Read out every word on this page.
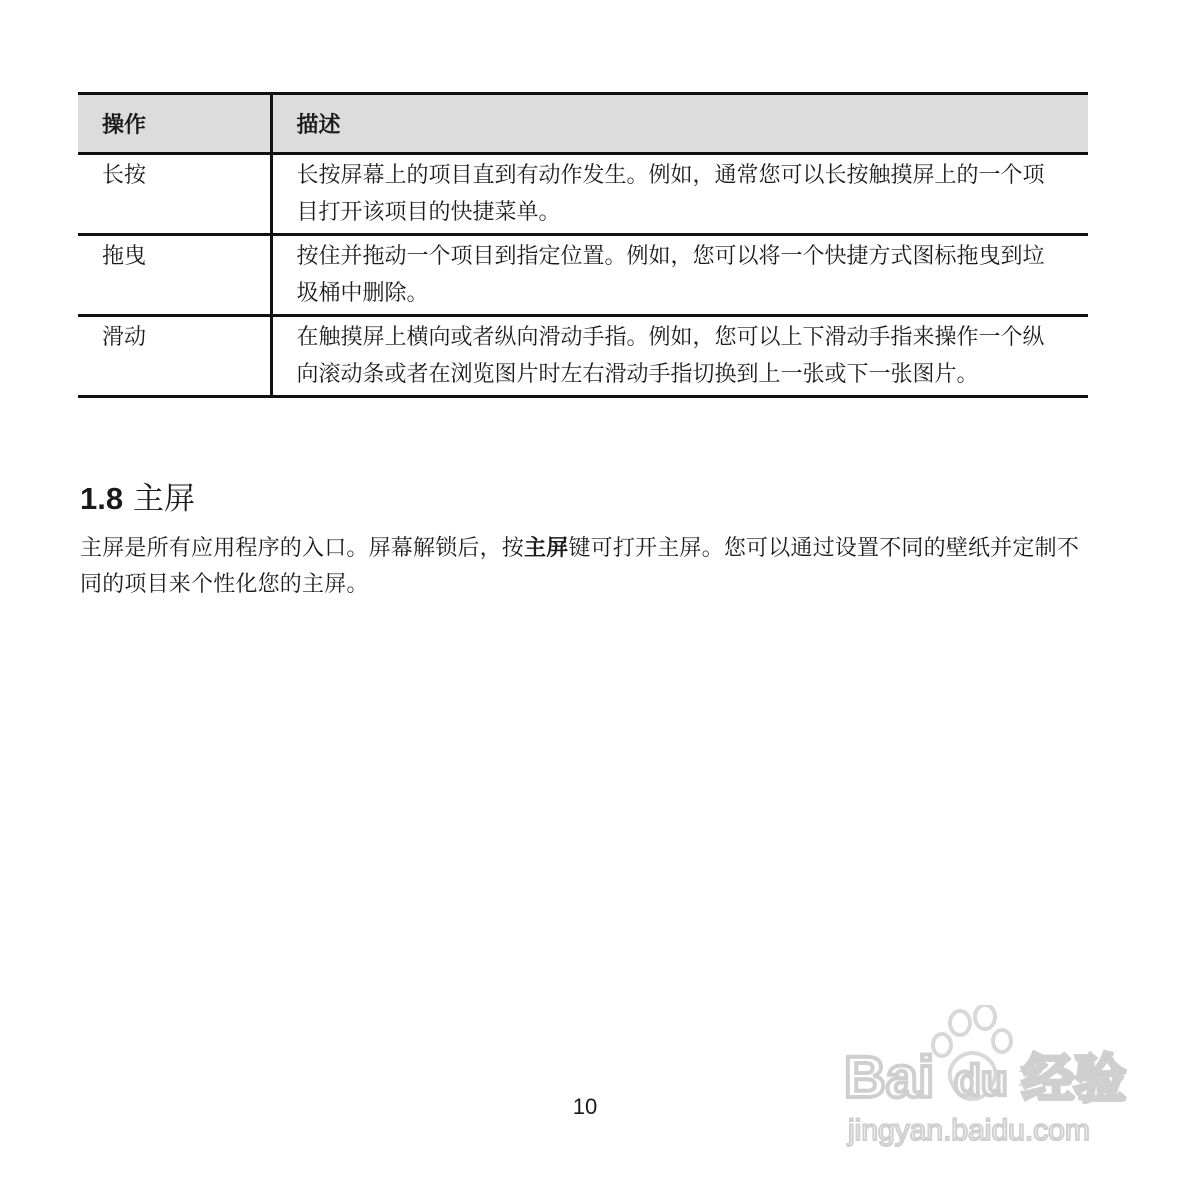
操作	描述
长按	长按屏幕上的项目直到有动作发生。例如，通常您可以长按触摸屏上的一个项目打开该项目的快捷菜单。

拖曳	按住并拖动一个项目到指定位置。例如，您可以将一个快捷方式图标拖曳到垃圾桶中删除。

滑动	在触摸屏上横向或者纵向滑动手指。例如，您可以上下滑动手指来操作一个纵向滚动条或者在浏览图片时左右滑动手指切换到上一张或下一张图片。
1.8 主屏

主屏是所有应用程序的入口。屏幕解锁后，按主屏键可打开主屏。您可以通过设置不同的壁纸并定制不同的项目来个性化您的主屏。

10	Bai du 经验
jingyan.baidu.com
